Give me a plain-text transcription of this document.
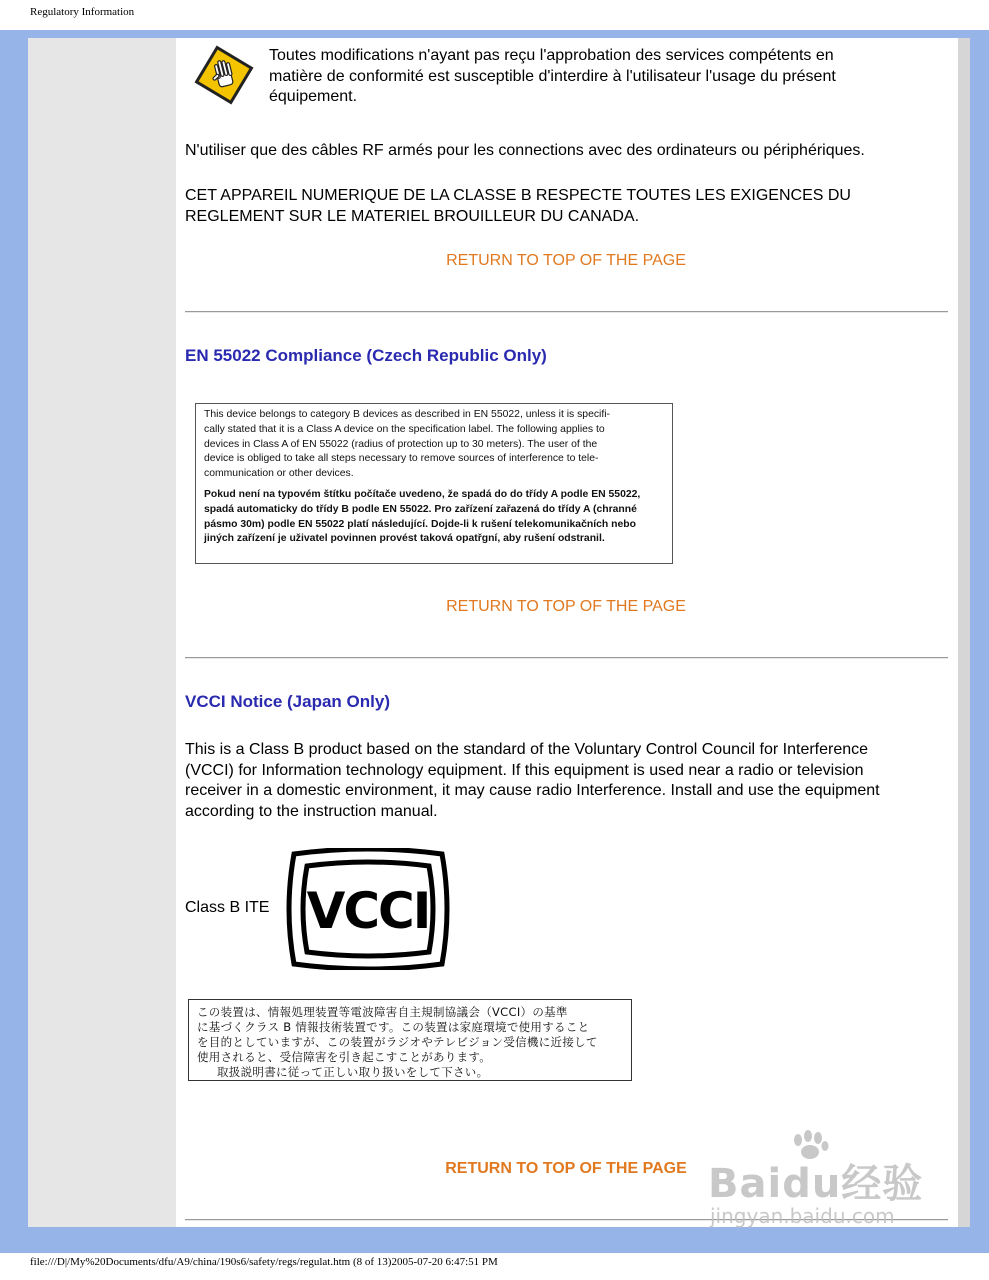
Regulatory Information
Toutes modifications n'ayant pas reçu l'approbation des services compétents en
matière de conformité est susceptible d'interdire à l'utilisateur l'usage du présent
équipement.
N'utiliser que des câbles RF armés pour les connections avec des ordinateurs ou périphériques.
CET APPAREIL NUMERIQUE DE LA CLASSE B RESPECTE TOUTES LES EXIGENCES DU
REGLEMENT SUR LE MATERIEL BROUILLEUR DU CANADA.
RETURN TO TOP OF THE PAGE
EN 55022 Compliance (Czech Republic Only)

This device belongs to category B devices as described in EN 55022, unless it is specifi-
cally stated that it is a Class A device on the specification label. The following applies to
devices in Class A of EN 55022 (radius of protection up to 30 meters). The user of the
device is obliged to take all steps necessary to remove sources of interference to tele-
communication or other devices.

Pokud není na typovém štítku počítače uvedeno, že spadá do do třídy A podle EN 55022,
spadá automaticky do třídy B podle EN 55022. Pro zařízení zařazená do třídy A (chranné
pásmo 30m) podle EN 55022 platí následující. Dojde-li k rušení telekomunikačních nebo
jiných zařízení je uživatel povinnen provést taková opatřgní, aby rušení odstranil.

RETURN TO TOP OF THE PAGE
VCCI Notice (Japan Only)
This is a Class B product based on the standard of the Voluntary Control Council for Interference
(VCCI) for Information technology equipment. If this equipment is used near a radio or television
receiver in a domestic environment, it may cause radio Interference. Install and use the equipment
according to the instruction manual.
Class B ITE VCCI
この装置は、情報処理装置等電波障害自主規制協議会（VCCI）の基準
に基づくクラス B 情報技術装置です。この装置は家庭環境で使用すること
を目的としていますが、この装置がラジオやテレビジョン受信機に近接して
使用されると、受信障害を引き起こすことがあります。
取扱説明書に従って正しい取り扱いをして下さい。
RETURN TO TOP OF THE PAGE Baidu经验
jingyan.baidu.com
file:///D|/My%20Documents/dfu/A9/china/190s6/safety/regs/regulat.htm (8 of 13)2005-07-20 6:47:51 PM
